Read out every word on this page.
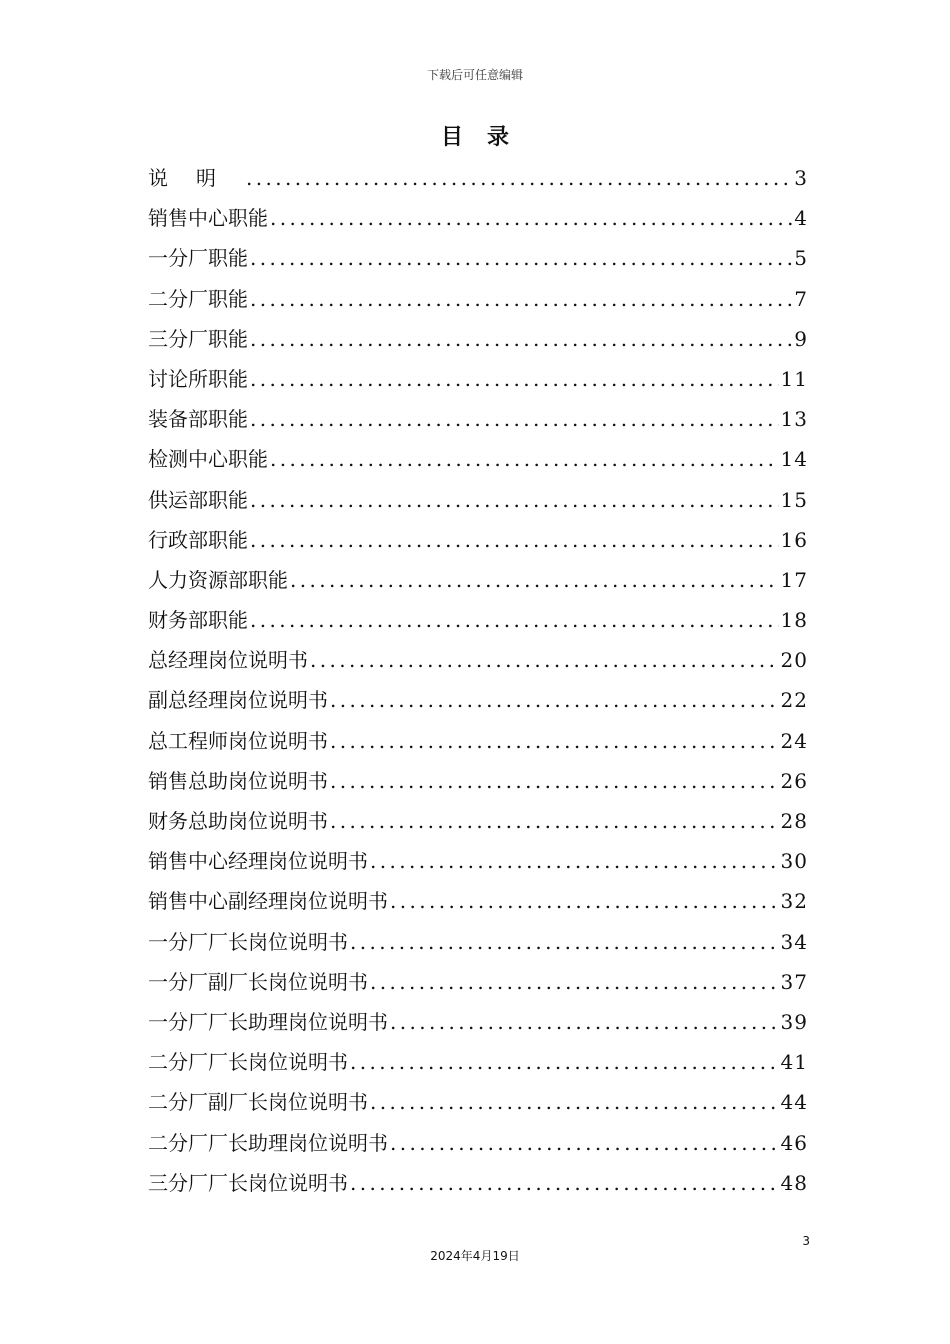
下载后可任意编辑
目录
说明 .....	3
销售中心职能 .....	4
一分厂职能 .....	5
二分厂职能 .....	7
三分厂职能 .....	9
讨论所职能 .....	11
装备部职能 .....	13
检测中心职能 .....	14
供运部职能 .....	15
行政部职能 .....	16
人力资源部职能 .....	17
财务部职能 .....	18
总经理岗位说明书 .....	20
副总经理岗位说明书 .....	22
总工程师岗位说明书 .....	24
销售总助岗位说明书 .....	26
财务总助岗位说明书 .....	28
销售中心经理岗位说明书 .....	30
销售中心副经理岗位说明书 .....	32
一分厂厂长岗位说明书 .....	34
一分厂副厂长岗位说明书 .....	37
一分厂厂长助理岗位说明书 .....	39
二分厂厂长岗位说明书 .....	41
二分厂副厂长岗位说明书 .....	44
二分厂厂长助理岗位说明书 .....	46
三分厂厂长岗位说明书 .....	48
3
2024年4月19日
